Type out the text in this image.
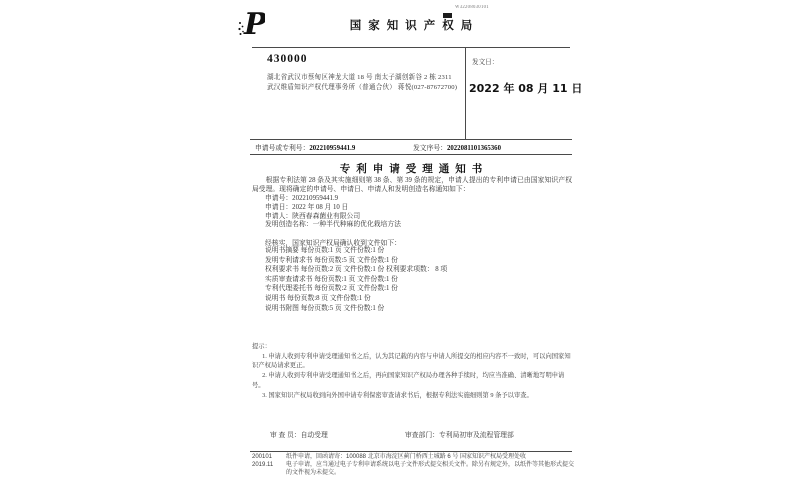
W32208030101
P	国家知识产权局
430000
湖北省武汉市蔡甸区神龙大道 18 号 南太子湖创新谷 2 栋 2311
武汉维盾知识产权代理事务所（普通合伙） 蒋悦(027-87672700)
发文日：
2022 年 08 月 11 日
申请号或专利号：202210959441.9	发文序号：2022081101365360
专利申请受理通知书

根据专利法第 28 条及其实施细则第 38 条、第 39 条的规定，申请人提出的专利申请已由国家知识产权局受理。现将确定的申请号、申请日、申请人和发明创造名称通知如下：

申请号：202210959441.9
申请日：2022 年 08 月 10 日
申请人：陕西春森菌业有限公司
发明创造名称：一种半代种麻的优化栽培方法
经核实，国家知识产权局确认收到文件如下：
说明书摘要 每份页数:1 页 文件份数:1 份
发明专利请求书 每份页数:5 页 文件份数:1 份
权利要求书 每份页数:2 页 文件份数:1 份 权利要求项数： 8 项
实质审查请求书 每份页数:1 页 文件份数:1 份
专利代理委托书 每份页数:2 页 文件份数:1 份
说明书 每份页数:8 页 文件份数:1 份
说明书附图 每份页数:5 页 文件份数:1 份

提示：

1. 申请人收到专利申请受理通知书之后，认为其记载的内容与申请人所提交的相应内容不一致时，可以向国家知识产权局请求更正。

2. 申请人收到专利申请受理通知书之后，再向国家知识产权局办理各种手续时，均应当准确、清晰地写明申请号。

3. 国家知识产权局收到向外国申请专利保密审查请求书后，根据专利法实施细则第 9 条予以审查。

审 查 员：自动受理	审查部门：专利局初审及流程管理部
200101	纸件申请，回函请寄：100088 北京市海淀区蓟门桥西土城路 6 号 国家知识产权局受理处收
2019.11	电子申请，应当通过电子专利申请系统以电子文件形式提交相关文件。除另有规定外，以纸件等其他形式提交的文件视为未提交。
